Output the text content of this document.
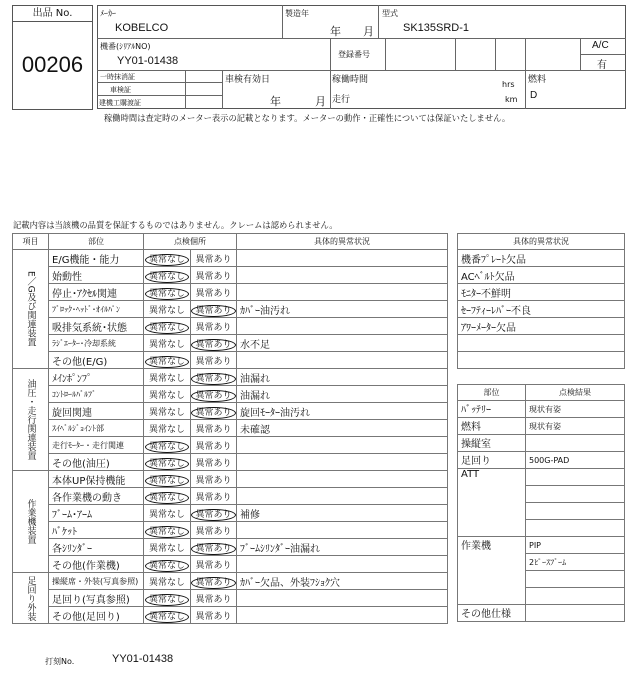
出品 No.
00206
ﾒｰｶｰ
KOBELCO
製造年
年 月
型式
SK135SRD-1
機番(ｼﾘｱﾙNO)
YY01-01438
登録番号
A/C
有
一時抹消証
車検証
建機工購渡証
車検有効日
年	月
稼働時間	hrs
走行	km
燃料
D
稼働時間は査定時のメーター表示の記載となります。メーターの動作・正確性については保証いたしません。
記載内容は当該機の品質を保証するものではありません。クレームは認められません。
項目	部位	点検個所		具体的異常状況
E／G及び関連装置	E/G機能・能力	異常なし	異常あり	
	始動性	異常なし	異常あり	
	停止･ｱｸｾﾙ関連	異常なし	異常あり	
	ﾌﾞﾛｯｸ･ﾍｯﾄﾞ･ｵｲﾙﾊﾟﾝ	異常なし	異常あり	ｶﾊﾞｰ油汚れ
	吸排気系統･状態	異常なし	異常あり	
	ﾗｼﾞｴｰﾀｰ･冷却系統	異常なし	異常あり	水不足
	その他(E/G)	異常なし	異常あり	
油圧・走行関連装置	ﾒｲﾝﾎﾟﾝﾌﾟ	異常なし	異常あり	油漏れ
	ｺﾝﾄﾛｰﾙﾊﾞﾙﾌﾞ	異常なし	異常あり	油漏れ
	旋回関連	異常なし	異常あり	旋回ﾓｰﾀｰ油汚れ
	ｽｲﾍﾞﾙｼﾞｮｲﾝﾄ部	異常なし	異常あり	未確認
	走行ﾓｰﾀｰ・走行関連	異常なし	異常あり	
	その他(油圧)	異常なし	異常あり	
作業機装置	本体UP保持機能	異常なし	異常あり	
	各作業機の動き	異常なし	異常あり	
	ﾌﾞｰﾑ･ｱｰﾑ	異常なし	異常あり	補修
	ﾊﾞｹｯﾄ	異常なし	異常あり	
	各ｼﾘﾝﾀﾞｰ	異常なし	異常あり	ﾌﾞｰﾑｼﾘﾝﾀﾞｰ油漏れ
	その他(作業機)	異常なし	異常あり	
足回り外装	操縦席・外装(写真参照)	異常なし	異常あり	ｶﾊﾞｰ欠品、外装ﾌｼｮｸ穴
	足回り(写真参照)	異常なし	異常あり	
	その他(足回り)	異常なし	異常あり	
具体的異常状況
機番ﾌﾟﾚｰﾄ欠品
ACﾍﾞﾙﾄ欠品
ﾓﾆﾀｰ不鮮明
ｾｰﾌﾃｨｰﾚﾊﾞｰ不良
ｱﾜｰﾒｰﾀｰ欠品

部位	点検結果
ﾊﾞｯﾃﾘｰ	現状有姿
燃料	現状有姿
操縦室	
足回り	500G-PAD
ATT	

作業機	PIP
	2ﾋﾟｰｽﾌﾞｰﾑ

その他仕様	
打刻No.	YY01-01438
